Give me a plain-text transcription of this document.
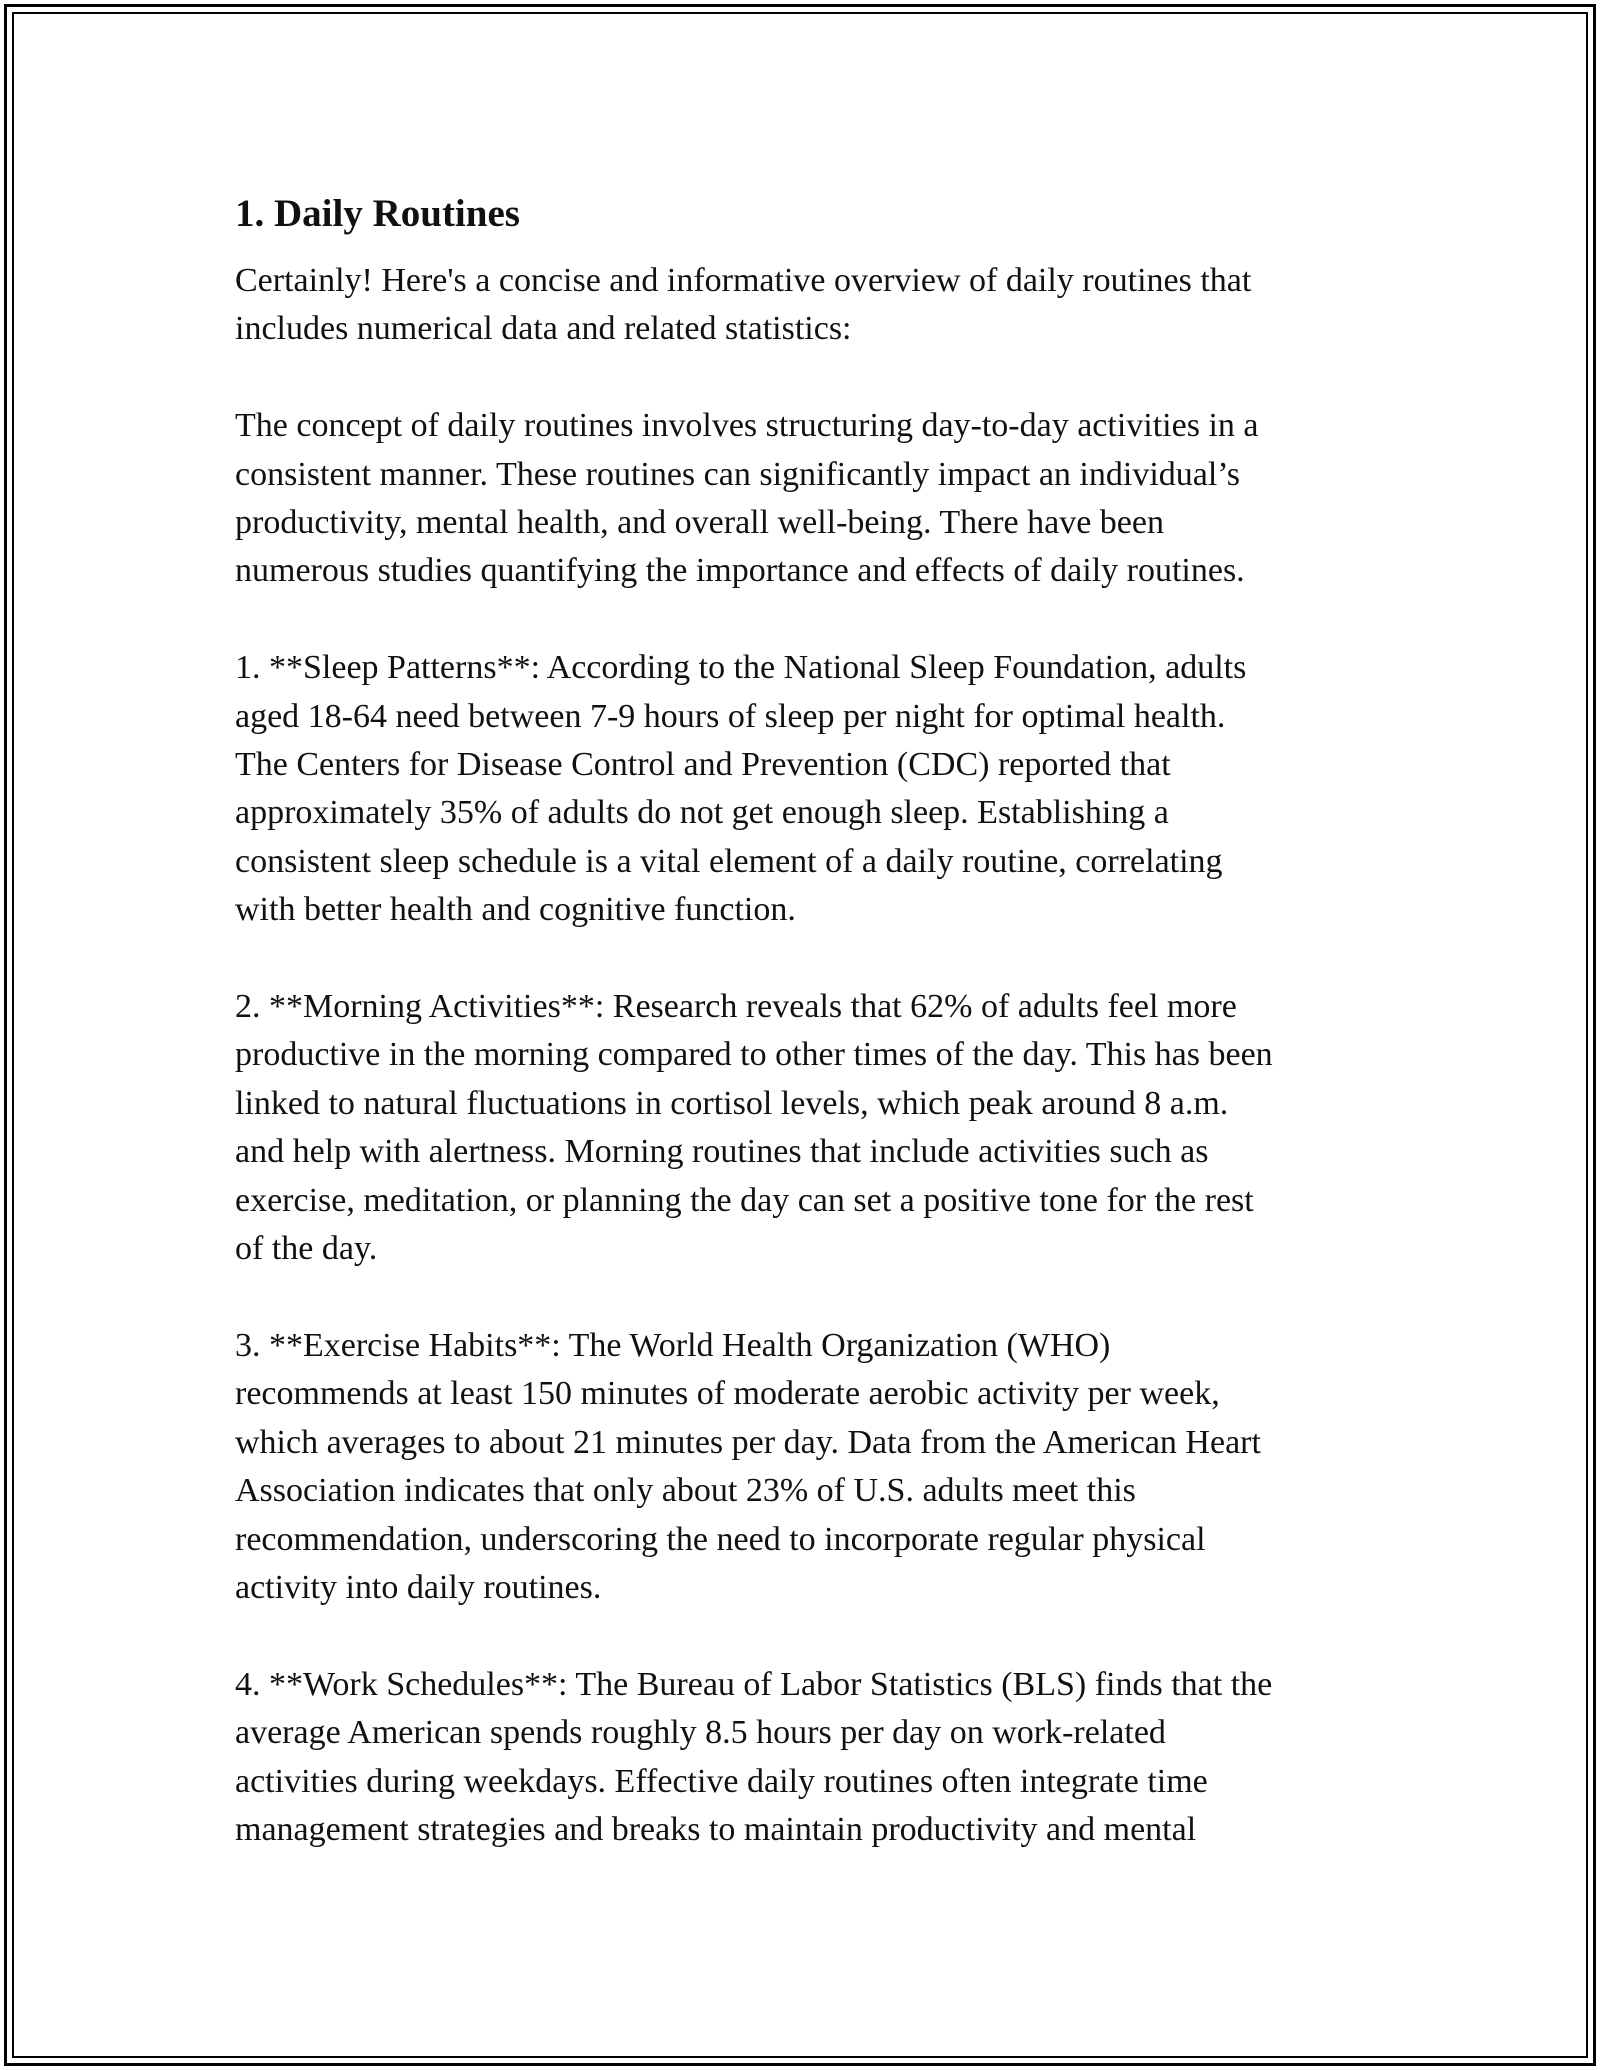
1. Daily Routines

Certainly! Here's a concise and informative overview of daily routines that
includes numerical data and related statistics:

The concept of daily routines involves structuring day-to-day activities in a
consistent manner. These routines can significantly impact an individual’s
productivity, mental health, and overall well-being. There have been
numerous studies quantifying the importance and effects of daily routines.

1. **Sleep Patterns**: According to the National Sleep Foundation, adults
aged 18-64 need between 7-9 hours of sleep per night for optimal health.
The Centers for Disease Control and Prevention (CDC) reported that
approximately 35% of adults do not get enough sleep. Establishing a
consistent sleep schedule is a vital element of a daily routine, correlating
with better health and cognitive function.

2. **Morning Activities**: Research reveals that 62% of adults feel more
productive in the morning compared to other times of the day. This has been
linked to natural fluctuations in cortisol levels, which peak around 8 a.m.
and help with alertness. Morning routines that include activities such as
exercise, meditation, or planning the day can set a positive tone for the rest
of the day.

3. **Exercise Habits**: The World Health Organization (WHO)
recommends at least 150 minutes of moderate aerobic activity per week,
which averages to about 21 minutes per day. Data from the American Heart
Association indicates that only about 23% of U.S. adults meet this
recommendation, underscoring the need to incorporate regular physical
activity into daily routines.

4. **Work Schedules**: The Bureau of Labor Statistics (BLS) finds that the
average American spends roughly 8.5 hours per day on work-related
activities during weekdays. Effective daily routines often integrate time
management strategies and breaks to maintain productivity and mental
